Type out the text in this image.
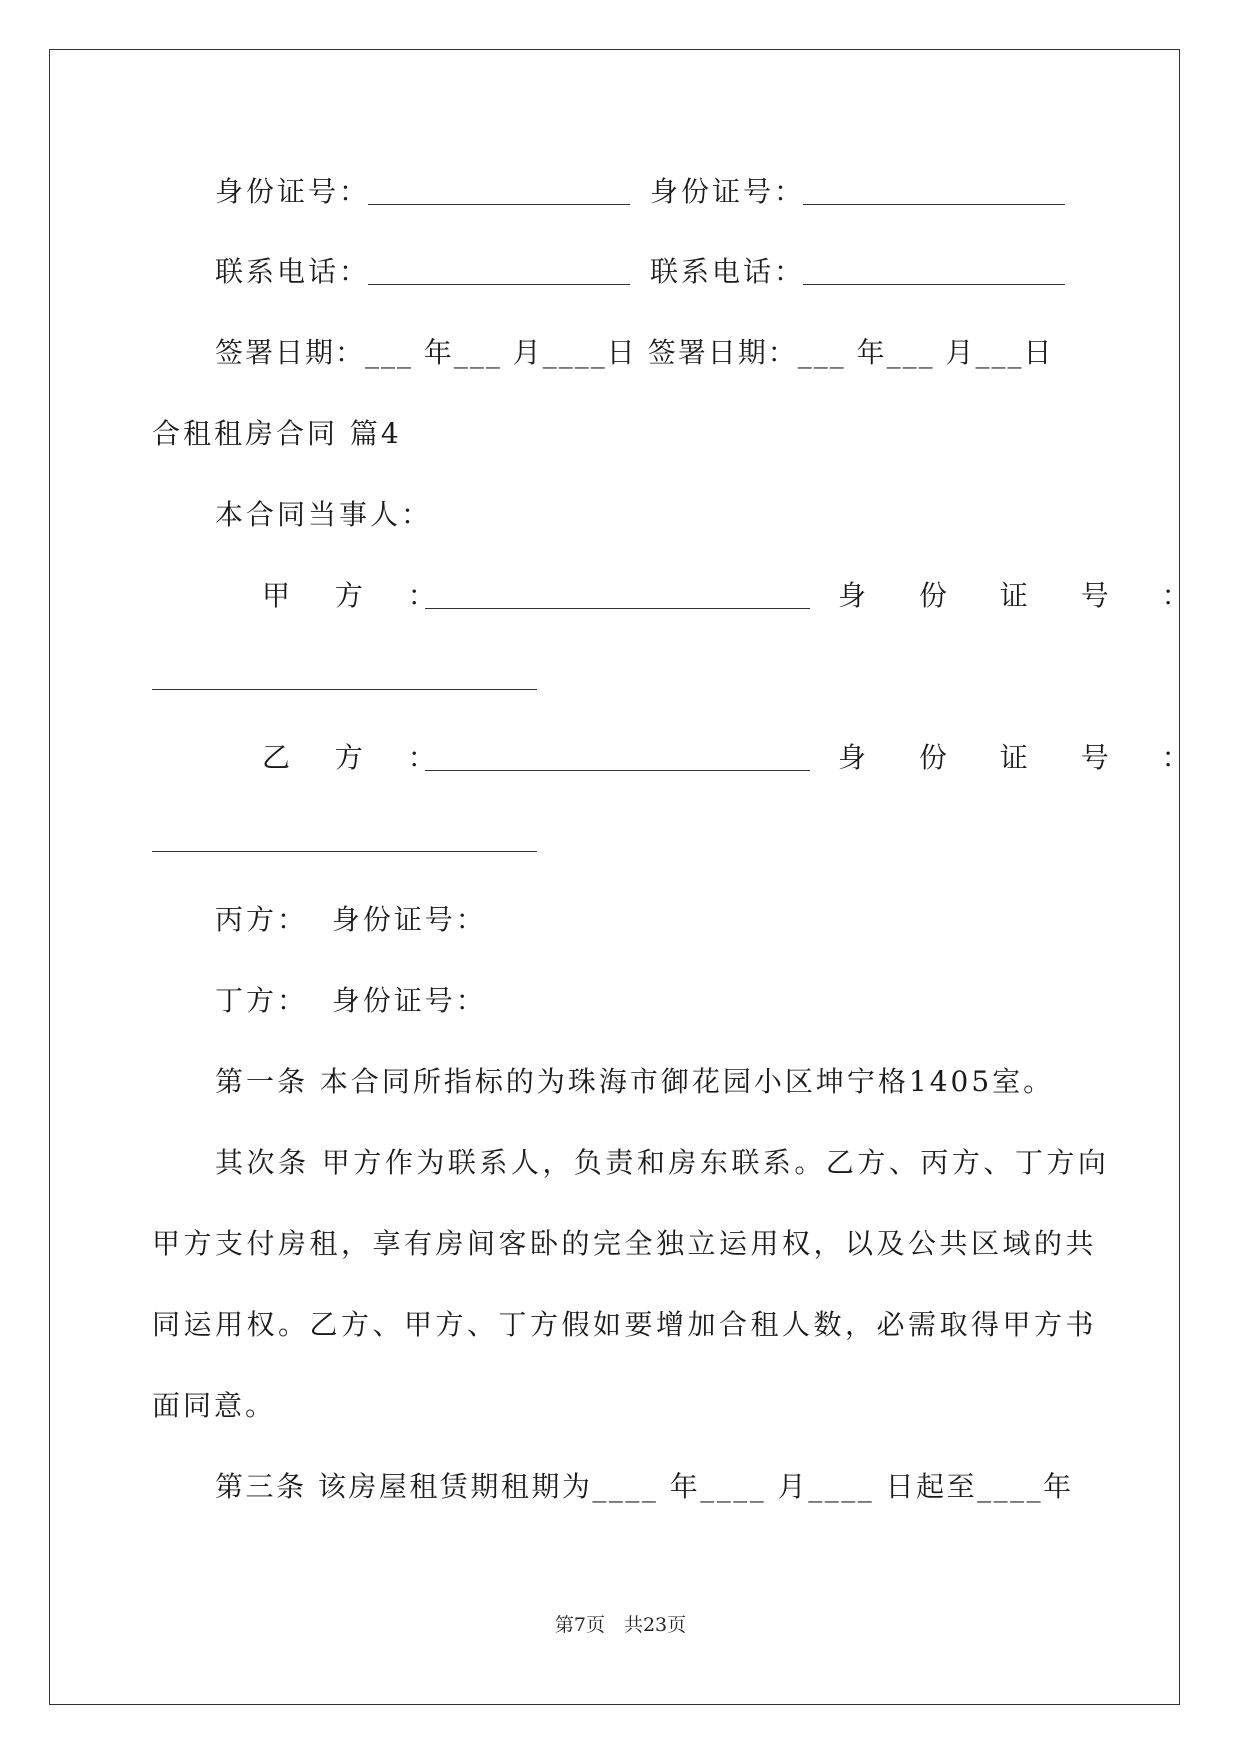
身份证号：	身份证号：
联系电话：	联系电话：
签署日期：___ 年___ 月____日 签署日期：___ 年___ 月___日
合租租房合同 篇4
本合同当事人：
甲 方 ：	身 份 证 号 ：
乙 方 ：	身 份 证 号 ：
丙方：  身份证号：
丁方：  身份证号：
第一条 本合同所指标的为珠海市御花园小区坤宁格1405室。
其次条 甲方作为联系人，负责和房东联系。乙方、丙方、丁方向
甲方支付房租，享有房间客卧的完全独立运用权，以及公共区域的共
同运用权。乙方、甲方、丁方假如要增加合租人数，必需取得甲方书
面同意。
第三条 该房屋租赁期租期为____ 年____ 月____ 日起至____年
第7页　共23页
